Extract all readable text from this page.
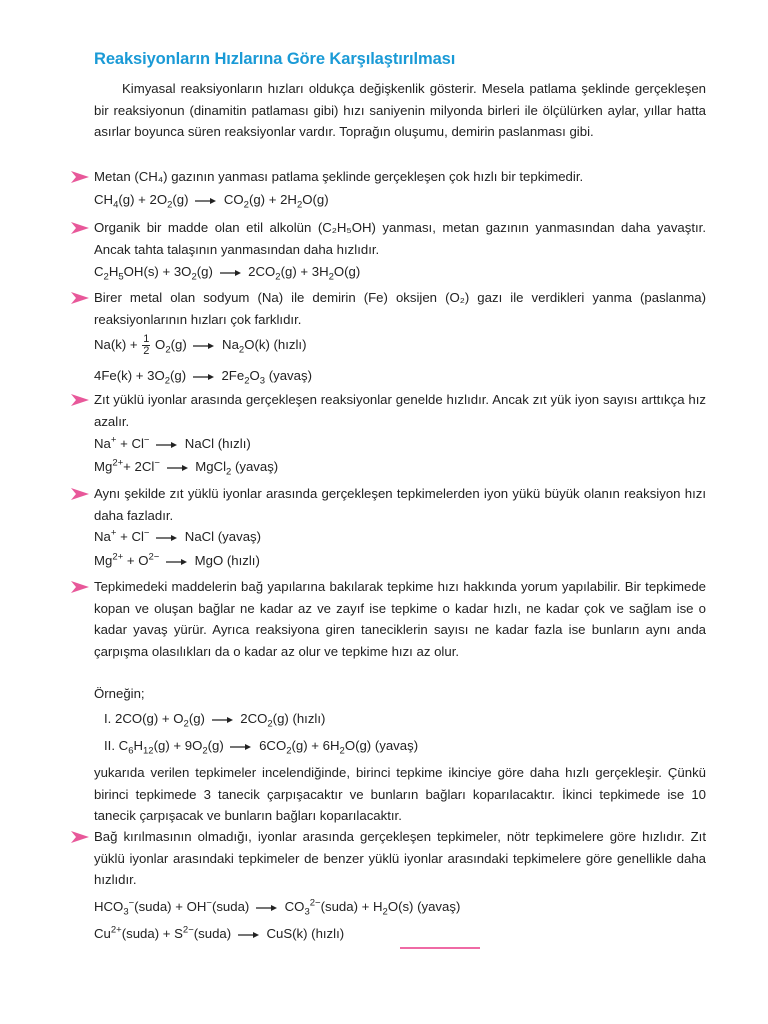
Reaksiyonların Hızlarına Göre Karşılaştırılması
Kimyasal reaksiyonların hızları oldukça değişkenlik gösterir. Mesela patlama şeklinde gerçekleşen bir reaksiyonun (dinamitin patlaması gibi) hızı saniyenin milyonda birleri ile ölçülürken aylar, yıllar hatta asırlar boyunca süren reaksiyonlar vardır. Toprağın oluşumu, demirin paslanması gibi.
Metan (CH₄) gazının yanması patlama şeklinde gerçekleşen çok hızlı bir tepkimedir.
$CH_4(g) + 2O_2(g) \to CO_2(g) + 2H_2O(g)$
Organik bir madde olan etil alkolün (C₂H₅OH) yanması, metan gazının yanmasından daha yavaştır. Ancak tahta talaşının yanmasından daha hızlıdır.
$C_2H_5OH(s) + 3O_2(g) \to 2CO_2(g) + 3H_2O(g)$
Birer metal olan sodyum (Na) ile demirin (Fe) oksijen (O₂) gazı ile verdikleri yanma (paslanma) reaksiyonlarının hızları çok farklıdır.
$Na(k) + \frac{1}{2} O_2(g) \to Na_2O(k)$ (hızlı)
$4Fe(k) + 3O_2(g) \to 2Fe_2O_3$ (yavaş)
Zıt yüklü iyonlar arasında gerçekleşen reaksiyonlar genelde hızlıdır. Ancak zıt yük iyon sayısı arttıkça hız azalır.
Na+ + Cl− → NaCl (hızlı)
$Mg^{2+}+ 2Cl^-$ → MgCl$_2$ (yavaş)
Aynı şekilde zıt yüklü iyonlar arasında gerçekleşen tepkimelerden iyon yükü büyük olanın reaksiyon hızı daha fazladır.
Na+ + Cl− → NaCl (yavaş)
$Mg^{2+} + O^{2-}$ → MgO (hızlı)
Tepkimedeki maddelerin bağ yapılarına bakılarak tepkime hızı hakkında yorum yapılabilir. Bir tepkimede kopan ve oluşan bağlar ne kadar az ve zayıf ise tepkime o kadar hızlı, ne kadar çok ve sağlam ise o kadar yavaş yürür. Ayrıca reaksiyona giren taneciklerin sayısı ne kadar fazla ise bunların aynı anda çarpışma olasılıkları da o kadar az olur ve tepkime hızı az olur.
Örneğin;
I. $2CO(g) + O_2(g) \to 2CO_2(g)$ (hızlı)
II. $C_6H_{12}(g) + 9O_2(g) \to 6CO_2(g) + 6H_2O(g)$ (yavaş)
yukarıda verilen tepkimeler incelendiğinde, birinci tepkime ikinciye göre daha hızlı gerçekleşir. Çünkü birinci tepkimede 3 tanecik çarpışacaktır ve bunların bağları koparılacaktır. İkinci tepkimede ise 10 tanecik çarpışacak ve bunların bağları koparılacaktır.
Bağ kırılmasının olmadığı, iyonlar arasında gerçekleşen tepkimeler, nötr tepkimelere göre hızlıdır. Zıt yüklü iyonlar arasındaki tepkimeler de benzer yüklü iyonlar arasındaki tepkimelere göre genellikle daha hızlıdır.
$HCO_3^-(suda)$ + OH−(suda) → $CO_3^{2-}(suda) + H_2O(s)$ (yavaş)
$Cu^{2+}(suda)$ + $S^{2-}(suda) \to CuS(k)$ (hızlı)
